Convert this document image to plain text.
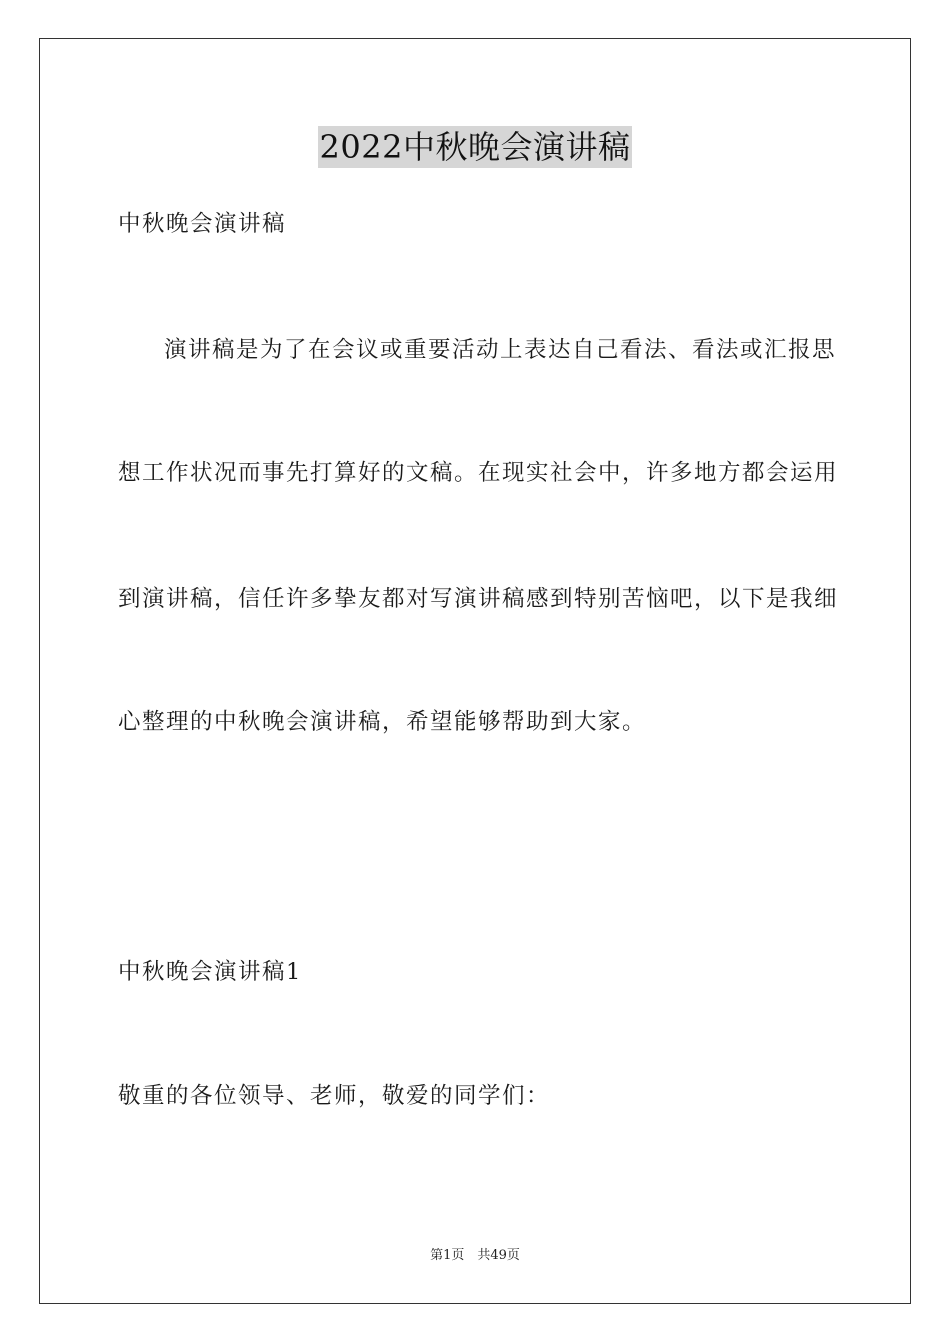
2022中秋晚会演讲稿
中秋晚会演讲稿
演讲稿是为了在会议或重要活动上表达自己看法、看法或汇报思
想工作状况而事先打算好的文稿。在现实社会中，许多地方都会运用
到演讲稿，信任许多挚友都对写演讲稿感到特别苦恼吧，以下是我细
心整理的中秋晚会演讲稿，希望能够帮助到大家。
中秋晚会演讲稿1
敬重的各位领导、老师，敬爱的同学们：
第1页　共49页
